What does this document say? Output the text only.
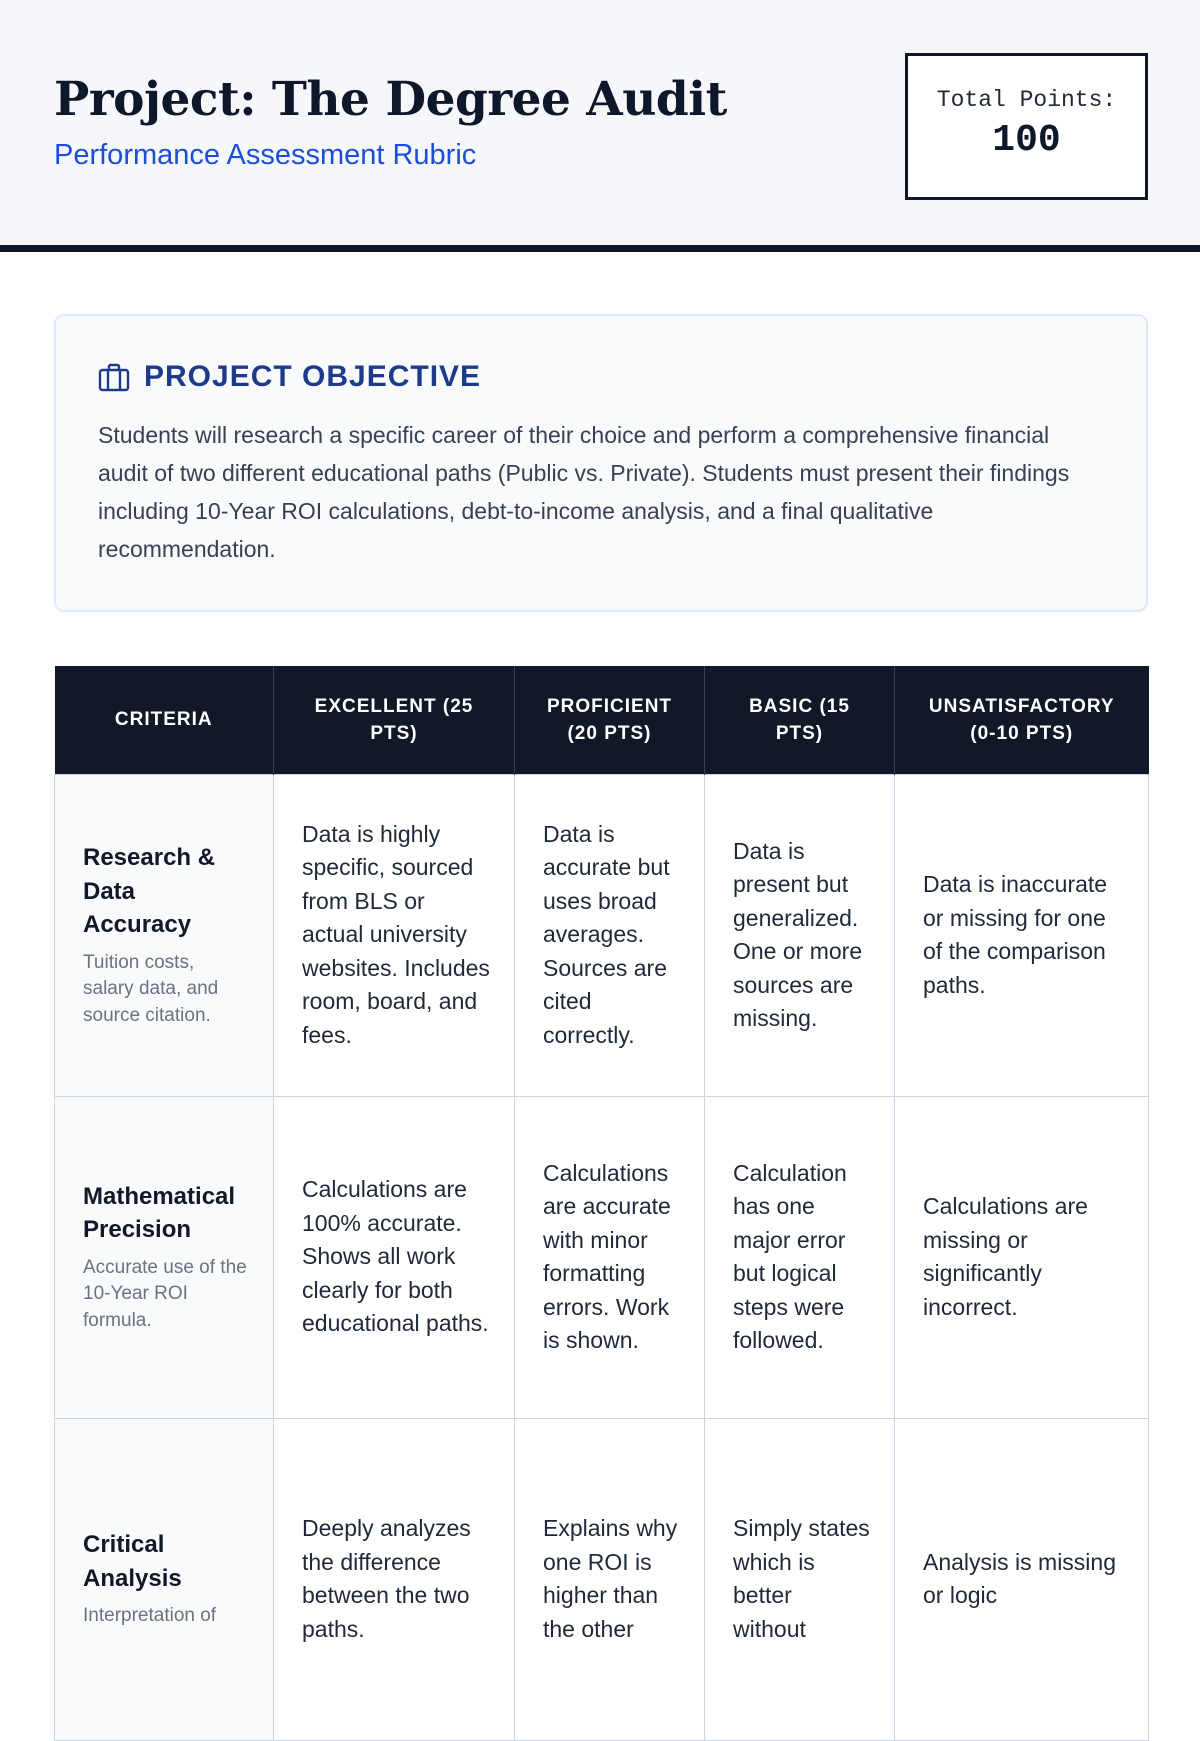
Project: The Degree Audit
Performance Assessment Rubric
Total Points:
100
PROJECT OBJECTIVE

Students will research a specific career of their choice and perform a comprehensive financial audit of two different educational paths (Public vs. Private). Students must present their findings including 10-Year ROI calculations, debt-to-income analysis, and a final qualitative recommendation.

CRITERIA	EXCELLENT (25 PTS)	PROFICIENT (20 PTS)	BASIC (15 PTS)	UNSATISFACTORY (0-10 PTS)

Research & Data Accuracy
Tuition costs, salary data, and source citation.	Data is highly specific, sourced from BLS or actual university websites. Includes room, board, and fees.	Data is accurate but uses broad averages. Sources are cited correctly.	Data is present but generalized. One or more sources are missing.	Data is inaccurate or missing for one of the comparison paths.

Mathematical Precision
Accurate use of the 10-Year ROI formula.	Calculations are 100% accurate. Shows all work clearly for both educational paths.	Calculations are accurate with minor formatting errors. Work is shown.	Calculation has one major error but logical steps were followed.	Calculations are missing or significantly incorrect.

Critical Analysis
Interpretation of	Deeply analyzes the difference between the two paths.	Explains why one ROI is higher than the other	Simply states which is better without	Analysis is missing or logic
